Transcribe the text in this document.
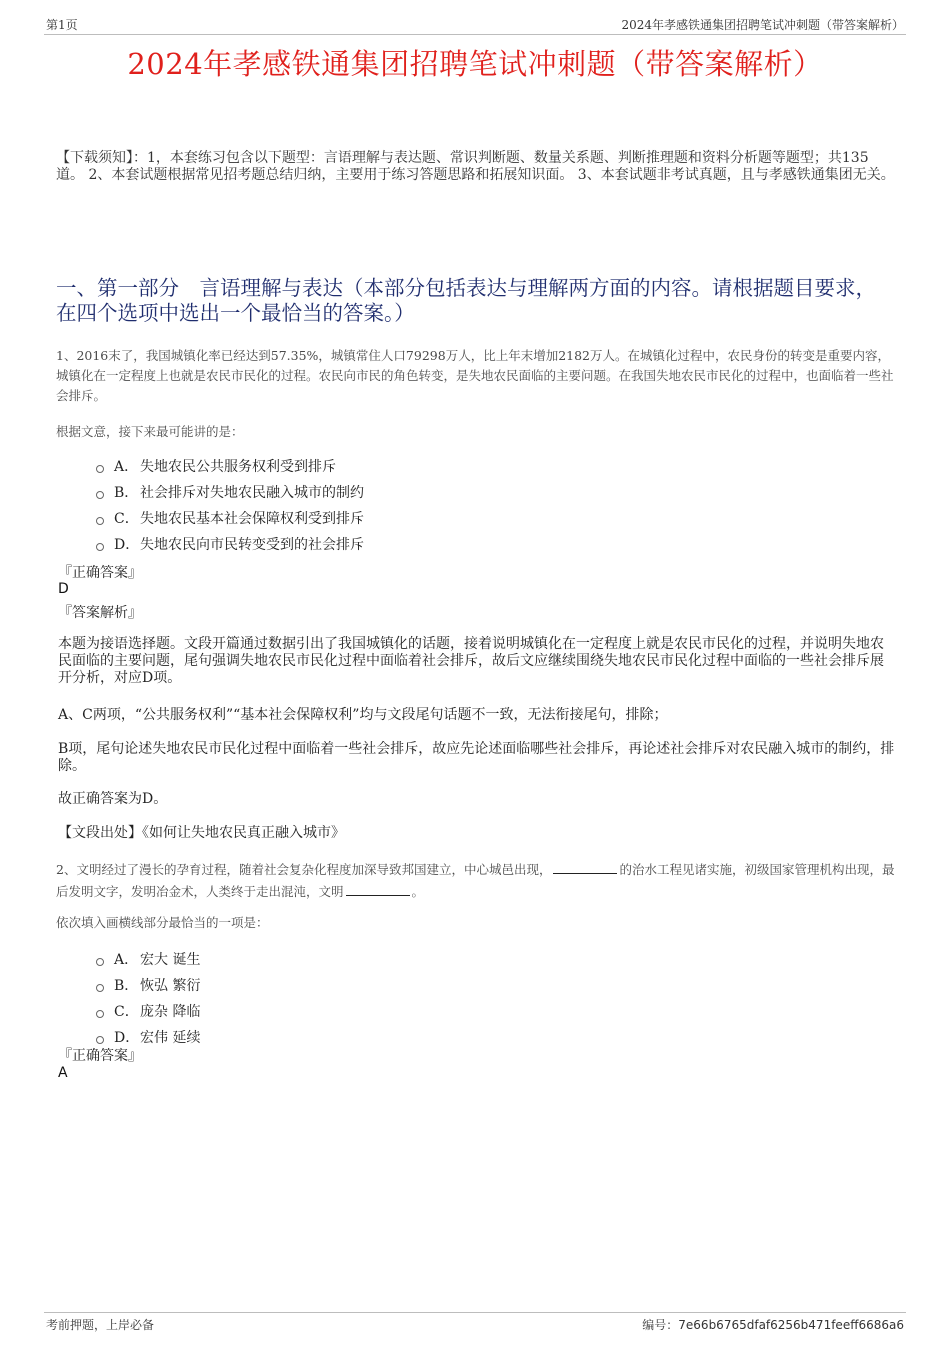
第1页	2024年孝感铁通集团招聘笔试冲刺题（带答案解析）
2024年孝感铁通集团招聘笔试冲刺题（带答案解析）
【下载须知】：1，本套练习包含以下题型：言语理解与表达题、常识判断题、数量关系题、判断推理题和资料分析题等题型；共135道。 2、本套试题根据常见招考题总结归纳，主要用于练习答题思路和拓展知识面。 3、本套试题非考试真题，且与孝感铁通集团无关。
一、第一部分　言语理解与表达（本部分包括表达与理解两方面的内容。请根据题目要求，在四个选项中选出一个最恰当的答案。）
1、2016末了，我国城镇化率已经达到57.35%，城镇常住人口79298万人，比上年末增加2182万人。在城镇化过程中，农民身份的转变是重要内容，城镇化在一定程度上也就是农民市民化的过程。农民向市民的角色转变，是失地农民面临的主要问题。在我国失地农民市民化的过程中，也面临着一些社会排斥。
根据文意，接下来最可能讲的是：
A． 失地农民公共服务权利受到排斥
B． 社会排斥对失地农民融入城市的制约
C． 失地农民基本社会保障权利受到排斥
D． 失地农民向市民转变受到的社会排斥
『正确答案』
D
『答案解析』
本题为接语选择题。文段开篇通过数据引出了我国城镇化的话题，接着说明城镇化在一定程度上就是农民市民化的过程，并说明失地农民面临的主要问题，尾句强调失地农民市民化过程中面临着社会排斥，故后文应继续围绕失地农民市民化过程中面临的一些社会排斥展开分析，对应D项。
A、C两项，“公共服务权利”“基本社会保障权利”均与文段尾句话题不一致，无法衔接尾句，排除；
B项，尾句论述失地农民市民化过程中面临着一些社会排斥，故应先论述面临哪些社会排斥，再论述社会排斥对农民融入城市的制约，排除。
故正确答案为D。
【文段出处】《如何让失地农民真正融入城市》
2、文明经过了漫长的孕育过程，随着社会复杂化程度加深导致邦国建立，中心城邑出现，	的治水工程见诸实施，初级国家管理机构出现，最后发明文字，发明冶金术，人类终于走出混沌，文明	。
依次填入画横线部分最恰当的一项是：
A． 宏大 诞生
B． 恢弘 繁衍
C． 庞杂 降临
D． 宏伟 延续
『正确答案』
A
考前押题，上岸必备	编号：7e66b6765dfaf6256b471feeff6686a6
